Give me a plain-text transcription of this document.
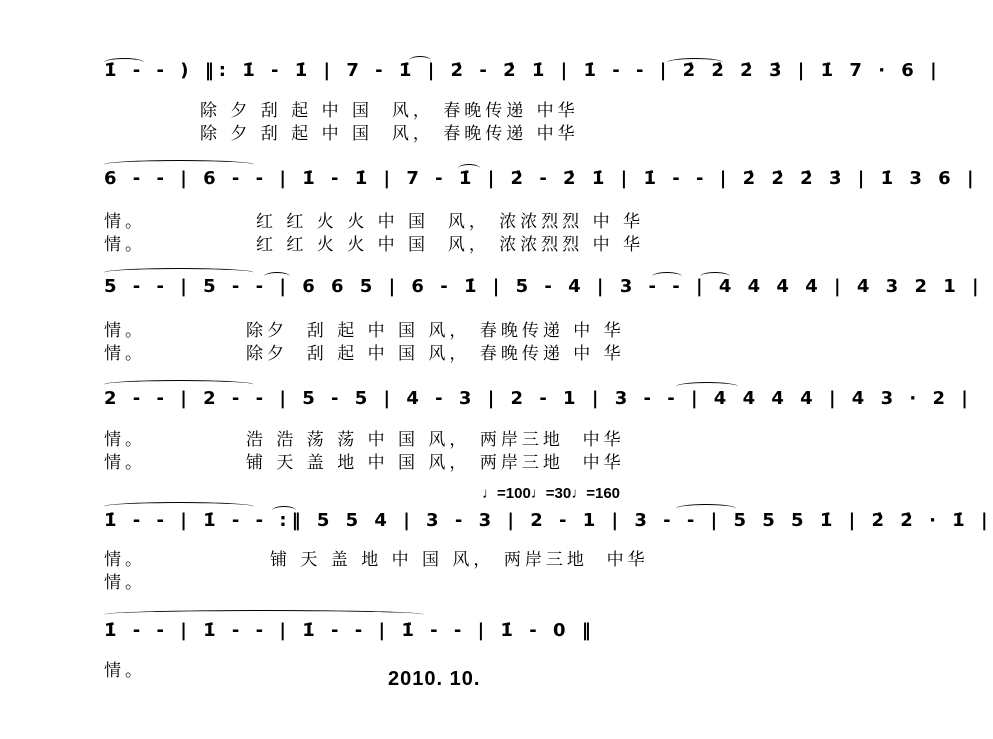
1̇ - - ) ‖: 1̇ - 1̇ | 7 - 1̇ | 2̇ - 2̇ 1̇ | 1̇ - - | 2̇ 2̇ 2̇ 3̇ | 1̇ 7 · 6 |
除 夕 刮 起 中 国  风， 春晚传递 中华
除 夕 刮 起 中 国  风， 春晚传递 中华
6 - - | 6 - - | 1̇ - 1̇ | 7 - 1̇ | 2̇ - 2̇ 1̇ | 1̇ - - | 2̇ 2̇ 2̇ 3̇ | 1̇ 3 6 |
情。
情。
红 红 火 火 中 国  风， 浓浓烈烈 中 华
红 红 火 火 中 国  风， 浓浓烈烈 中 华
5 - - | 5 - - | 6 6 5 | 6 - 1̇ | 5 - 4 | 3 - - | 4 4 4 4 | 4 3 2 1 |
情。
情。
除夕  刮 起 中 国 风， 春晚传递 中 华
除夕  刮 起 中 国 风， 春晚传递 中 华
2 - - | 2 - - | 5 - 5 | 4 - 3 | 2 - 1 | 3 - - | 4 4 4 4 | 4 3 · 2 |
情。
情。
浩 浩 荡 荡 中 国 风， 两岸三地  中华
铺 天 盖 地 中 国 风， 两岸三地  中华
♩=100♩=30♩=160
1̇ - - | 1̇ - - :‖ 5 5 4 | 3 - 3 | 2 - 1 | 3 - - | 5 5 5 1̇ | 2̇ 2̇ · 1̇ |
情。
情。
铺 天 盖 地 中 国 风， 两岸三地  中华
1̇ - - | 1̇ - - | 1̇ - - | 1̇ - - | 1̇ - 0 ‖
情。	2010. 10.
